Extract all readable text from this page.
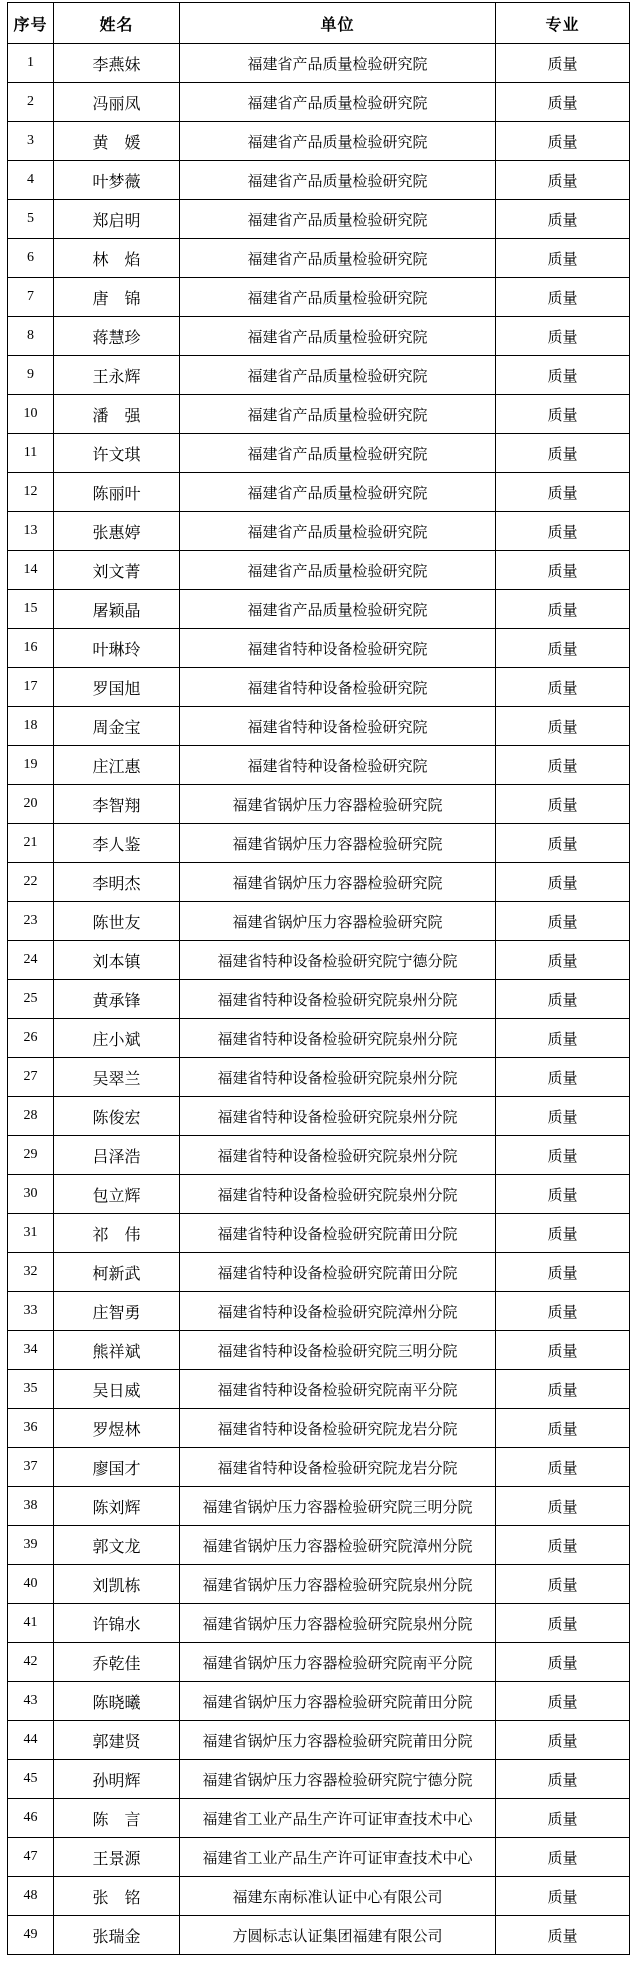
序号	姓名	单位	专业
1	李燕妹	福建省产品质量检验研究院	质量
2	冯丽凤	福建省产品质量检验研究院	质量
3	黄　媛	福建省产品质量检验研究院	质量
4	叶梦薇	福建省产品质量检验研究院	质量
5	郑启明	福建省产品质量检验研究院	质量
6	林　焰	福建省产品质量检验研究院	质量
7	唐　锦	福建省产品质量检验研究院	质量
8	蒋慧珍	福建省产品质量检验研究院	质量
9	王永辉	福建省产品质量检验研究院	质量
10	潘　强	福建省产品质量检验研究院	质量
11	许文琪	福建省产品质量检验研究院	质量
12	陈丽叶	福建省产品质量检验研究院	质量
13	张惠婷	福建省产品质量检验研究院	质量
14	刘文菁	福建省产品质量检验研究院	质量
15	屠颖晶	福建省产品质量检验研究院	质量
16	叶琳玲	福建省特种设备检验研究院	质量
17	罗国旭	福建省特种设备检验研究院	质量
18	周金宝	福建省特种设备检验研究院	质量
19	庄江惠	福建省特种设备检验研究院	质量
20	李智翔	福建省锅炉压力容器检验研究院	质量
21	李人鉴	福建省锅炉压力容器检验研究院	质量
22	李明杰	福建省锅炉压力容器检验研究院	质量
23	陈世友	福建省锅炉压力容器检验研究院	质量
24	刘本镇	福建省特种设备检验研究院宁德分院	质量
25	黄承锋	福建省特种设备检验研究院泉州分院	质量
26	庄小斌	福建省特种设备检验研究院泉州分院	质量
27	吴翠兰	福建省特种设备检验研究院泉州分院	质量
28	陈俊宏	福建省特种设备检验研究院泉州分院	质量
29	吕泽浩	福建省特种设备检验研究院泉州分院	质量
30	包立辉	福建省特种设备检验研究院泉州分院	质量
31	祁　伟	福建省特种设备检验研究院莆田分院	质量
32	柯新武	福建省特种设备检验研究院莆田分院	质量
33	庄智勇	福建省特种设备检验研究院漳州分院	质量
34	熊祥斌	福建省特种设备检验研究院三明分院	质量
35	吴日威	福建省特种设备检验研究院南平分院	质量
36	罗煜林	福建省特种设备检验研究院龙岩分院	质量
37	廖国才	福建省特种设备检验研究院龙岩分院	质量
38	陈刘辉	福建省锅炉压力容器检验研究院三明分院	质量
39	郭文龙	福建省锅炉压力容器检验研究院漳州分院	质量
40	刘凯栋	福建省锅炉压力容器检验研究院泉州分院	质量
41	许锦水	福建省锅炉压力容器检验研究院泉州分院	质量
42	乔乾佳	福建省锅炉压力容器检验研究院南平分院	质量
43	陈晓曦	福建省锅炉压力容器检验研究院莆田分院	质量
44	郭建贤	福建省锅炉压力容器检验研究院莆田分院	质量
45	孙明辉	福建省锅炉压力容器检验研究院宁德分院	质量
46	陈　言	福建省工业产品生产许可证审查技术中心	质量
47	王景源	福建省工业产品生产许可证审查技术中心	质量
48	张　铭	福建东南标准认证中心有限公司	质量
49	张瑞金	方圆标志认证集团福建有限公司	质量
